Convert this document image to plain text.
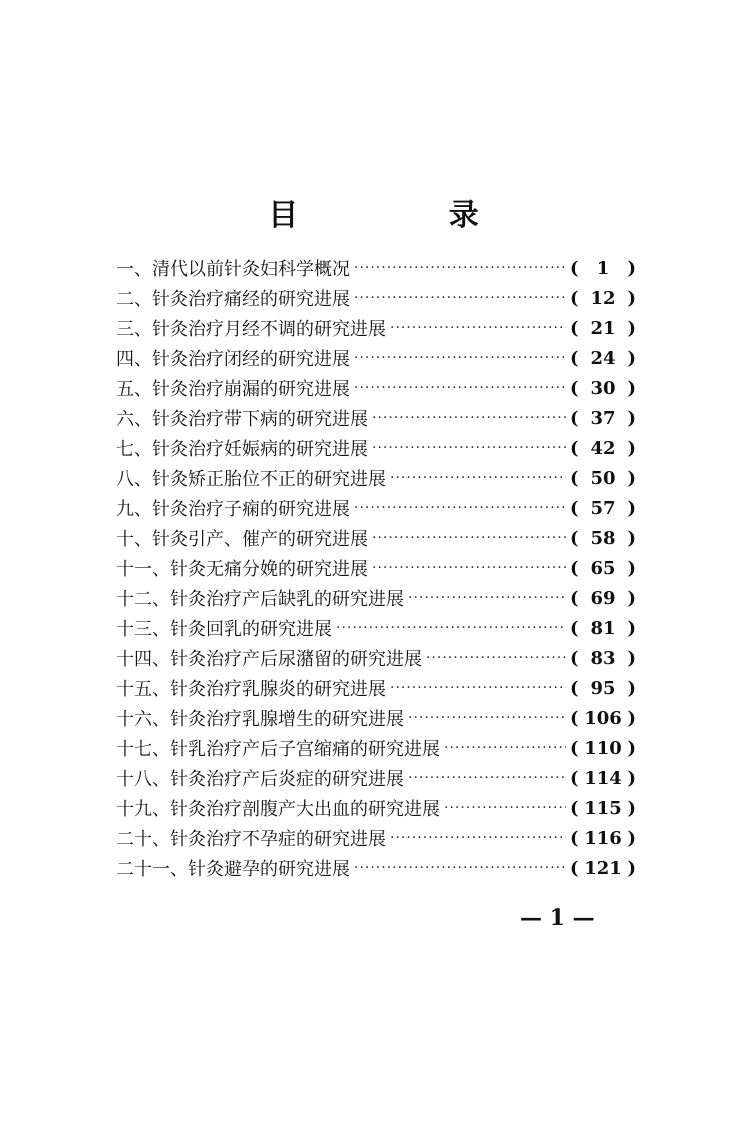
目 录
一、清代以前针灸妇科学概况 ·····	(	1	)
二、针灸治疗痛经的研究进展 ·····	( 12 )
三、针灸治疗月经不调的研究进展 ·····	( 21 )
四、针灸治疗闭经的研究进展 ·····	( 24 )
五、针灸治疗崩漏的研究进展 ·····	( 30 )
六、针灸治疗带下病的研究进展 ·····	( 37 )
七、针灸治疗妊娠病的研究进展 ·····	( 42 )
八、针灸矫正胎位不正的研究进展 ·····	( 50 )
九、针灸治疗子痫的研究进展 ·····	( 57 )
十、针灸引产、催产的研究进展 ·····	( 58 )
十一、针灸无痛分娩的研究进展 ·····	( 65 )
十二、针灸治疗产后缺乳的研究进展 ·····	( 69 )
十三、针灸回乳的研究进展 ·····	( 81 )
十四、针灸治疗产后尿潴留的研究进展 ·····	( 83 )
十五、针灸治疗乳腺炎的研究进展 ·····	( 95 )
十六、针灸治疗乳腺增生的研究进展 ·····	( 106 )
十七、针乳治疗产后子宫缩痛的研究进展 ·····	( 110 )
十八、针灸治疗产后炎症的研究进展 ·····	( 114 )
十九、针灸治疗剖腹产大出血的研究进展 ·····	( 115 )
二十、针灸治疗不孕症的研究进展 ·····	( 116 )
二十一、针灸避孕的研究进展 ·····	( 121 )
— 1 —
